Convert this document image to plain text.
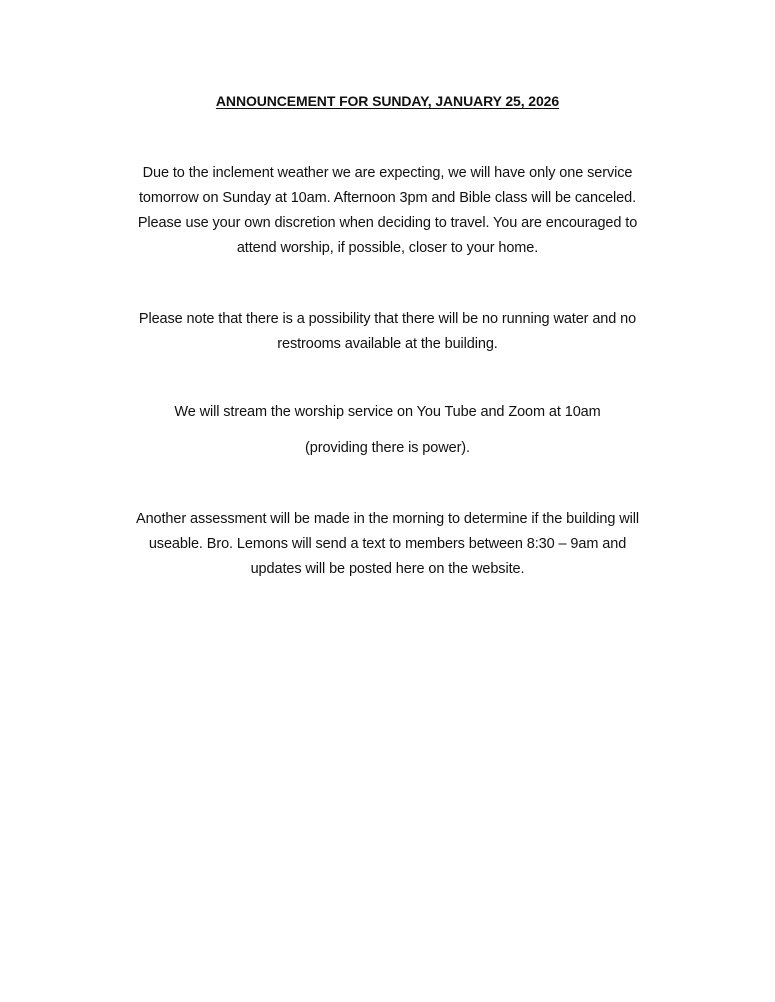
ANNOUNCEMENT FOR SUNDAY, JANUARY 25, 2026
Due to the inclement weather we are expecting, we will have only one service
tomorrow on Sunday at 10am. Afternoon 3pm and Bible class will be canceled.
Please use your own discretion when deciding to travel. You are encouraged to
attend worship, if possible, closer to your home.
Please note that there is a possibility that there will be no running water and no
restrooms available at the building.
We will stream the worship service on You Tube and Zoom at 10am
(providing there is power).
Another assessment will be made in the morning to determine if the building will
useable. Bro. Lemons will send a text to members between 8:30 – 9am and
updates will be posted here on the website.
